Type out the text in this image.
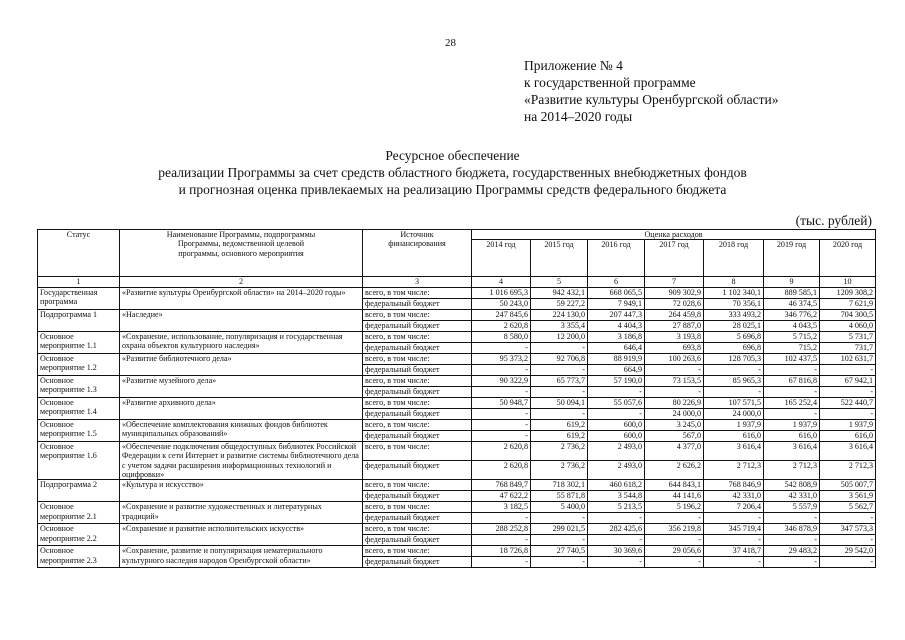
28
Приложение № 4
к государственной программе
«Развитие культуры Оренбургской области»
на 2014–2020 годы
Ресурсное обеспечение
реализации Программы за счет средств областного бюджета, государственных внебюджетных фондов
и прогнозная оценка привлекаемых на реализацию Программы средств федерального бюджета
(тыс. рублей)
Статус	Наименование Программы, подпрограммы Программы, ведомственной целевой программы, основного мероприятия	Источник финансирования	Оценка расходов						
			2014 год	2015 год	2016 год	2017 год	2018 год	2019 год	2020 год
1	2	3	4	5	6	7	8	9	10
Государственная программа	«Развитие культуры Оренбургской области» на 2014–2020 годы»	всего, в том числе:	1 016 695,3	942 432,1	668 065,5	909 302,9	1 102 340,1	889 585,1	1209 308,2
		федеральный бюджет	50 243,0	59 227,2	7 949,1	72 028,6	70 356,1	46 374,5	7 621,9
Подпрограмма 1	«Наследие»	всего, в том числе:	247 845,6	224 130,0	207 447,3	264 459,8	333 493,2	346 776,2	704 300,5
		федеральный бюджет	2 620,8	3 355,4	4 404,3	27 887,0	28 025,1	4 043,5	4 060,0
Основное мероприятие 1.1	«Сохранение, использование, популяризация и государственная охрана объектов культурного наследия»	всего, в том числе:	8 580,0	12 200,0	3 186,8	3 193,8	5 696,8	5 715,2	5 731,7
		федеральный бюджет	-	-	646,4	693,8	696,8	715,2	731,7
Основное мероприятие 1.2	«Развитие библиотечного дела»	всего, в том числе:	95 373,2	92 706,8	88 919,9	100 263,6	128 705,3	102 437,5	102 631,7
		федеральный бюджет	-	-	664,9	-	-	-	-
Основное мероприятие 1.3	«Развитие музейного дела»	всего, в том числе:	90 322,9	65 773,7	57 190,0	73 153,5	85 965,3	67 816,8	67 942,1
		федеральный бюджет	-	-	-	-	-	-	-
Основное мероприятие 1.4	«Развитие архивного дела»	всего, в том числе:	50 948,7	50 094,1	55 057,6	80 226,9	107 571,5	165 252,4	522 440,7
		федеральный бюджет	-	-	-	24 000,0	24 000,0	-	-
Основное мероприятие 1.5	«Обеспечение комплектования книжных фондов библиотек муниципальных образований»	всего, в том числе:	-	619,2	600,0	3 245,0	1 937,9	1 937,9	1 937,9
		федеральный бюджет	-	619,2	600,0	567,0	616,0	616,0	616,0
Основное мероприятие 1.6	«Обеспечение подключения общедоступных библиотек Российской Федерации к сети Интернет и развитие системы библиотечного дела с учетом задачи расширения информационных технологий и оцифровки»	всего, в том числе:	2 620,8	2 736,2	2 493,0	4 377,0	3 616,4	3 616,4	3 616,4
		федеральный бюджет	2 620,8	2 736,2	2 493,0	2 626,2	2 712,3	2 712,3	2 712,3
Подпрограмма 2	«Культура и искусство»	всего, в том числе:	768 849,7	718 302,1	460 618,2	644 843,1	768 846,9	542 808,9	505 007,7
		федеральный бюджет	47 622,2	55 871,8	3 544,8	44 141,6	42 331,0	42 331,0	3 561,9
Основное мероприятие 2.1	«Сохранение и развитие художественных и литературных традиций»	всего, в том числе:	3 182,5	5 400,0	5 213,5	5 196,2	7 206,4	5 557,9	5 562,7
		федеральный бюджет	-	-	-	-	-	-	-
Основное мероприятие 2.2	«Сохранение и развитие исполнительских искусств»	всего, в том числе:	288 252,8	299 021,5	282 425,6	356 219,8	345 719,4	346 878,9	347 573,3
		федеральный бюджет	-	-	-	-	-	-	-
Основное мероприятие 2.3	«Сохранение, развитие и популяризация нематериального культурного наследия народов Оренбургской области»	всего, в том числе:	18 726,8	27 740,5	30 369,6	29 056,6	37 418,7	29 483,2	29 542,0
		федеральный бюджет	-	-	-	-	-	-	-
